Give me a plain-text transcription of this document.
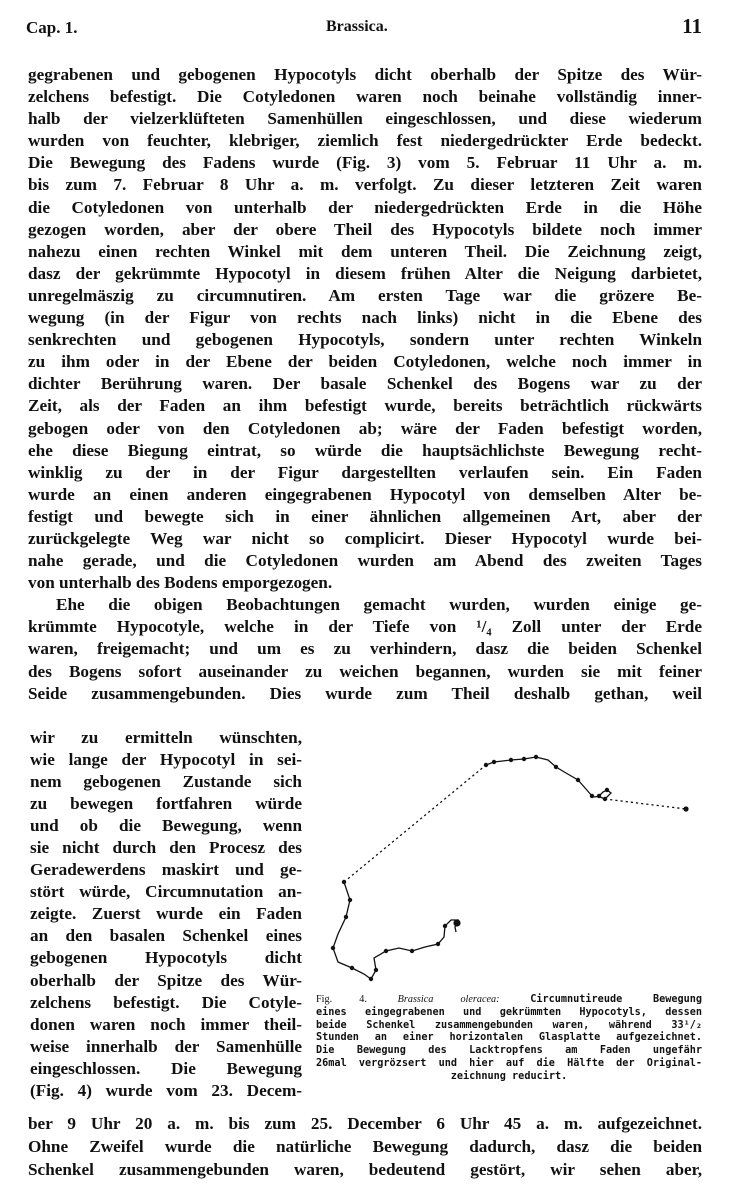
Cap. 1.	Brassica.	11
gegrabenen und gebogenen Hypocotyls dicht oberhalb der Spitze des Wür-
zelchens befestigt. Die Cotyledonen waren noch beinahe vollständig inner-
halb der vielzerklüfteten Samenhüllen eingeschlossen, und diese wiederum
wurden von feuchter, klebriger, ziemlich fest niedergedrückter Erde bedeckt.
Die Bewegung des Fadens wurde (Fig. 3) vom 5. Februar 11 Uhr a. m.
bis zum 7. Februar 8 Uhr a. m. verfolgt. Zu dieser letzteren Zeit waren
die Cotyledonen von unterhalb der niedergedrückten Erde in die Höhe
gezogen worden, aber der obere Theil des Hypocotyls bildete noch immer
nahezu einen rechten Winkel mit dem unteren Theil. Die Zeichnung zeigt,
dasz der gekrümmte Hypocotyl in diesem frühen Alter die Neigung darbietet,
unregelmäszig zu circumnutiren. Am ersten Tage war die grözere Be-
wegung (in der Figur von rechts nach links) nicht in die Ebene des
senkrechten und gebogenen Hypocotyls, sondern unter rechten Winkeln
zu ihm oder in der Ebene der beiden Cotyledonen, welche noch immer in
dichter Berührung waren. Der basale Schenkel des Bogens war zu der
Zeit, als der Faden an ihm befestigt wurde, bereits beträchtlich rückwärts
gebogen oder von den Cotyledonen ab; wäre der Faden befestigt worden,
ehe diese Biegung eintrat, so würde die hauptsächlichste Bewegung recht-
winklig zu der in der Figur dargestellten verlaufen sein. Ein Faden
wurde an einen anderen eingegrabenen Hypocotyl von demselben Alter be-
festigt und bewegte sich in einer ähnlichen allgemeinen Art, aber der
zurückgelegte Weg war nicht so complicirt. Dieser Hypocotyl wurde bei-
nahe gerade, und die Cotyledonen wurden am Abend des zweiten Tages
von unterhalb des Bodens emporgezogen.
Ehe die obigen Beobachtungen gemacht wurden, wurden einige ge-
krümmte Hypocotyle, welche in der Tiefe von ¹/₄ Zoll unter der Erde
waren, freigemacht; und um es zu verhindern, dasz die beiden Schenkel
des Bogens sofort auseinander zu weichen begannen, wurden sie mit feiner
Seide zusammengebunden. Dies wurde zum Theil deshalb gethan, weil
wir zu ermitteln wünschten,
wie lange der Hypocotyl in sei-
nem gebogenen Zustande sich
zu bewegen fortfahren würde
und ob die Bewegung, wenn
sie nicht durch den Procesz des
Geradewerdens maskirt und ge-
stört würde, Circumnutation an-
zeigte. Zuerst wurde ein Faden
an den basalen Schenkel eines
gebogenen Hypocotyls dicht
oberhalb der Spitze des Wür-
zelchens befestigt. Die Cotyle-
donen waren noch immer theil-
weise innerhalb der Samenhülle
eingeschlossen. Die Bewegung
(Fig. 4) wurde vom 23. Decem-
Fig. 4.	Brassica oleracea:	Circumnutireude Bewegung
eines eingegrabenen und gekrümmten Hypocotyls, dessen
beide Schenkel zusammengebunden waren, während 33¹/₂
Stunden an einer horizontalen Glasplatte aufgezeichnet.
Die Bewegung des Lacktropfens am Faden ungefähr
26mal vergrözsert und hier auf die Hälfte der Original-
zeichnung reducirt.
ber 9 Uhr 20 a. m. bis zum 25. December 6 Uhr 45 a. m. aufgezeichnet.
Ohne Zweifel wurde die natürliche Bewegung dadurch, dasz die beiden
Schenkel zusammengebunden waren, bedeutend gestört, wir sehen aber,
